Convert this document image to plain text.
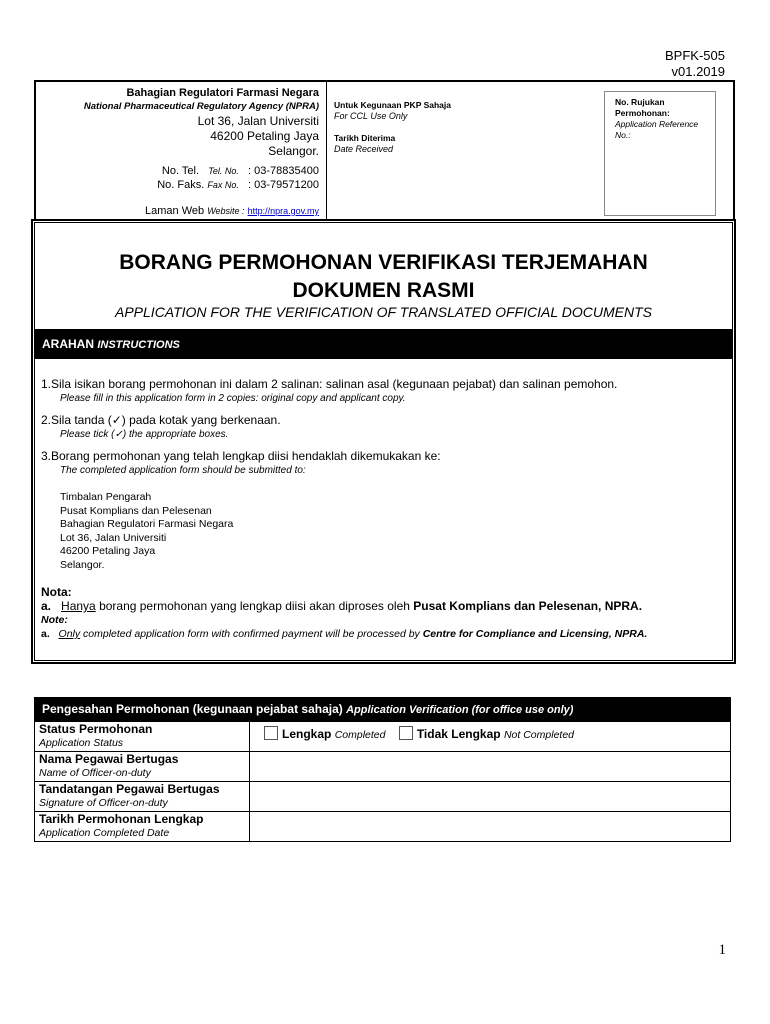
BPFK-505
v01.2019
Bahagian Regulatori Farmasi Negara
National Pharmaceutical Regulatory Agency (NPRA)
Lot 36, Jalan Universiti
46200 Petaling Jaya
Selangor.
No. Tel. Tel. No. : 03-78835400
No. Faks. Fax No. : 03-79571200
Laman Web Website : http://npra.gov.my
Untuk Kegunaan PKP Sahaja
For CCL Use Only

Tarikh Diterima
Date Received
No. Rujukan Permohonan:
Application Reference No.:
BORANG PERMOHONAN VERIFIKASI TERJEMAHAN
DOKUMEN RASMI
APPLICATION FOR THE VERIFICATION OF TRANSLATED OFFICIAL DOCUMENTS
ARAHAN INSTRUCTIONS
1.Sila isikan borang permohonan ini dalam 2 salinan: salinan asal (kegunaan pejabat) dan salinan pemohon.
Please fill in this application form in 2 copies: original copy and applicant copy.
2.Sila tanda (✓) pada kotak yang berkenaan.
Please tick (✓) the appropriate boxes.
3.Borang permohonan yang telah lengkap diisi hendaklah dikemukakan ke:
The completed application form should be submitted to:
Timbalan Pengarah
Pusat Komplians dan Pelesenan
Bahagian Regulatori Farmasi Negara
Lot 36, Jalan Universiti
46200 Petaling Jaya
Selangor.
Nota:
a. Hanya borang permohonan yang lengkap diisi akan diproses oleh Pusat Komplians dan Pelesenan, NPRA.
Note:
a. Only completed application form with confirmed payment will be processed by Centre for Compliance and Licensing, NPRA.
Pengesahan Permohonan (kegunaan pejabat sahaja) Application Verification (for office use only)	
Status Permohonan
Application Status	Lengkap Completed Tidak Lengkap Not Completed
Nama Pegawai Bertugas
Name of Officer-on-duty	

Tandatangan Pegawai Bertugas
Signature of Officer-on-duty	

Tarikh Permohonan Lengkap
Application Completed Date	

1
